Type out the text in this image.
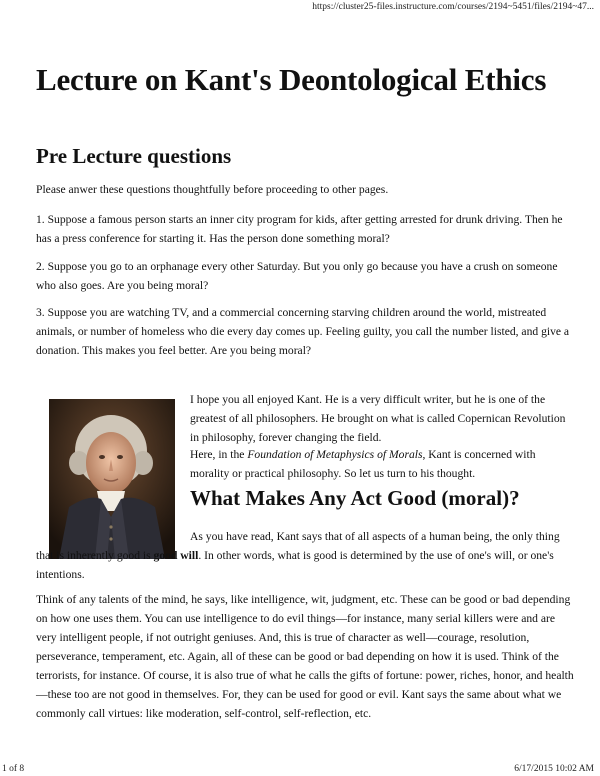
https://cluster25-files.instructure.com/courses/2194~5451/files/2194~47...
Lecture on Kant's Deontological Ethics
Pre Lecture questions

Please anwer these questions thoughtfully before proceeding to other pages.

1. Suppose a famous person starts an inner city program for kids, after getting arrested for drunk driving. Then he has a press conference for starting it. Has the person done something moral?

2. Suppose you go to an orphanage every other Saturday. But you only go because you have a crush on someone who also goes. Are you being moral?

3. Suppose you are watching TV, and a commercial concerning starving children around the world, mistreated animals, or number of homeless who die every day comes up. Feeling guilty, you call the number listed, and give a donation. This makes you feel better. Are you being moral?

I hope you all enjoyed Kant. He is a very difficult writer, but he is one of the greatest of all philosophers. He brought on what is called Copernican Revolution in philosophy, forever changing the field.

Here, in the Foundation of Metaphysics of Morals, Kant is concerned with morality or practical philosophy. So let us turn to his thought.

What Makes Any Act Good (moral)?

As you have read, Kant says that of all aspects of a human being, the only thing that is inherently good is good will. In other words, what is good is determined by the use of one's will, or one's intentions.

Think of any talents of the mind, he says, like intelligence, wit, judgment, etc. These can be good or bad depending on how one uses them. You can use intelligence to do evil things—for instance, many serial killers were and are very intelligent people, if not outright geniuses. And, this is true of character as well—courage, resolution, perseverance, temperament, etc. Again, all of these can be good or bad depending on how it is used. Think of the terrorists, for instance. Of course, it is also true of what he calls the gifts of fortune: power, riches, honor, and health—these too are not good in themselves. For, they can be used for good or evil. Kant says the same about what we commonly call virtues: like moderation, self-control, self-reflection, etc.

1 of 8	6/17/2015 10:02 AM
